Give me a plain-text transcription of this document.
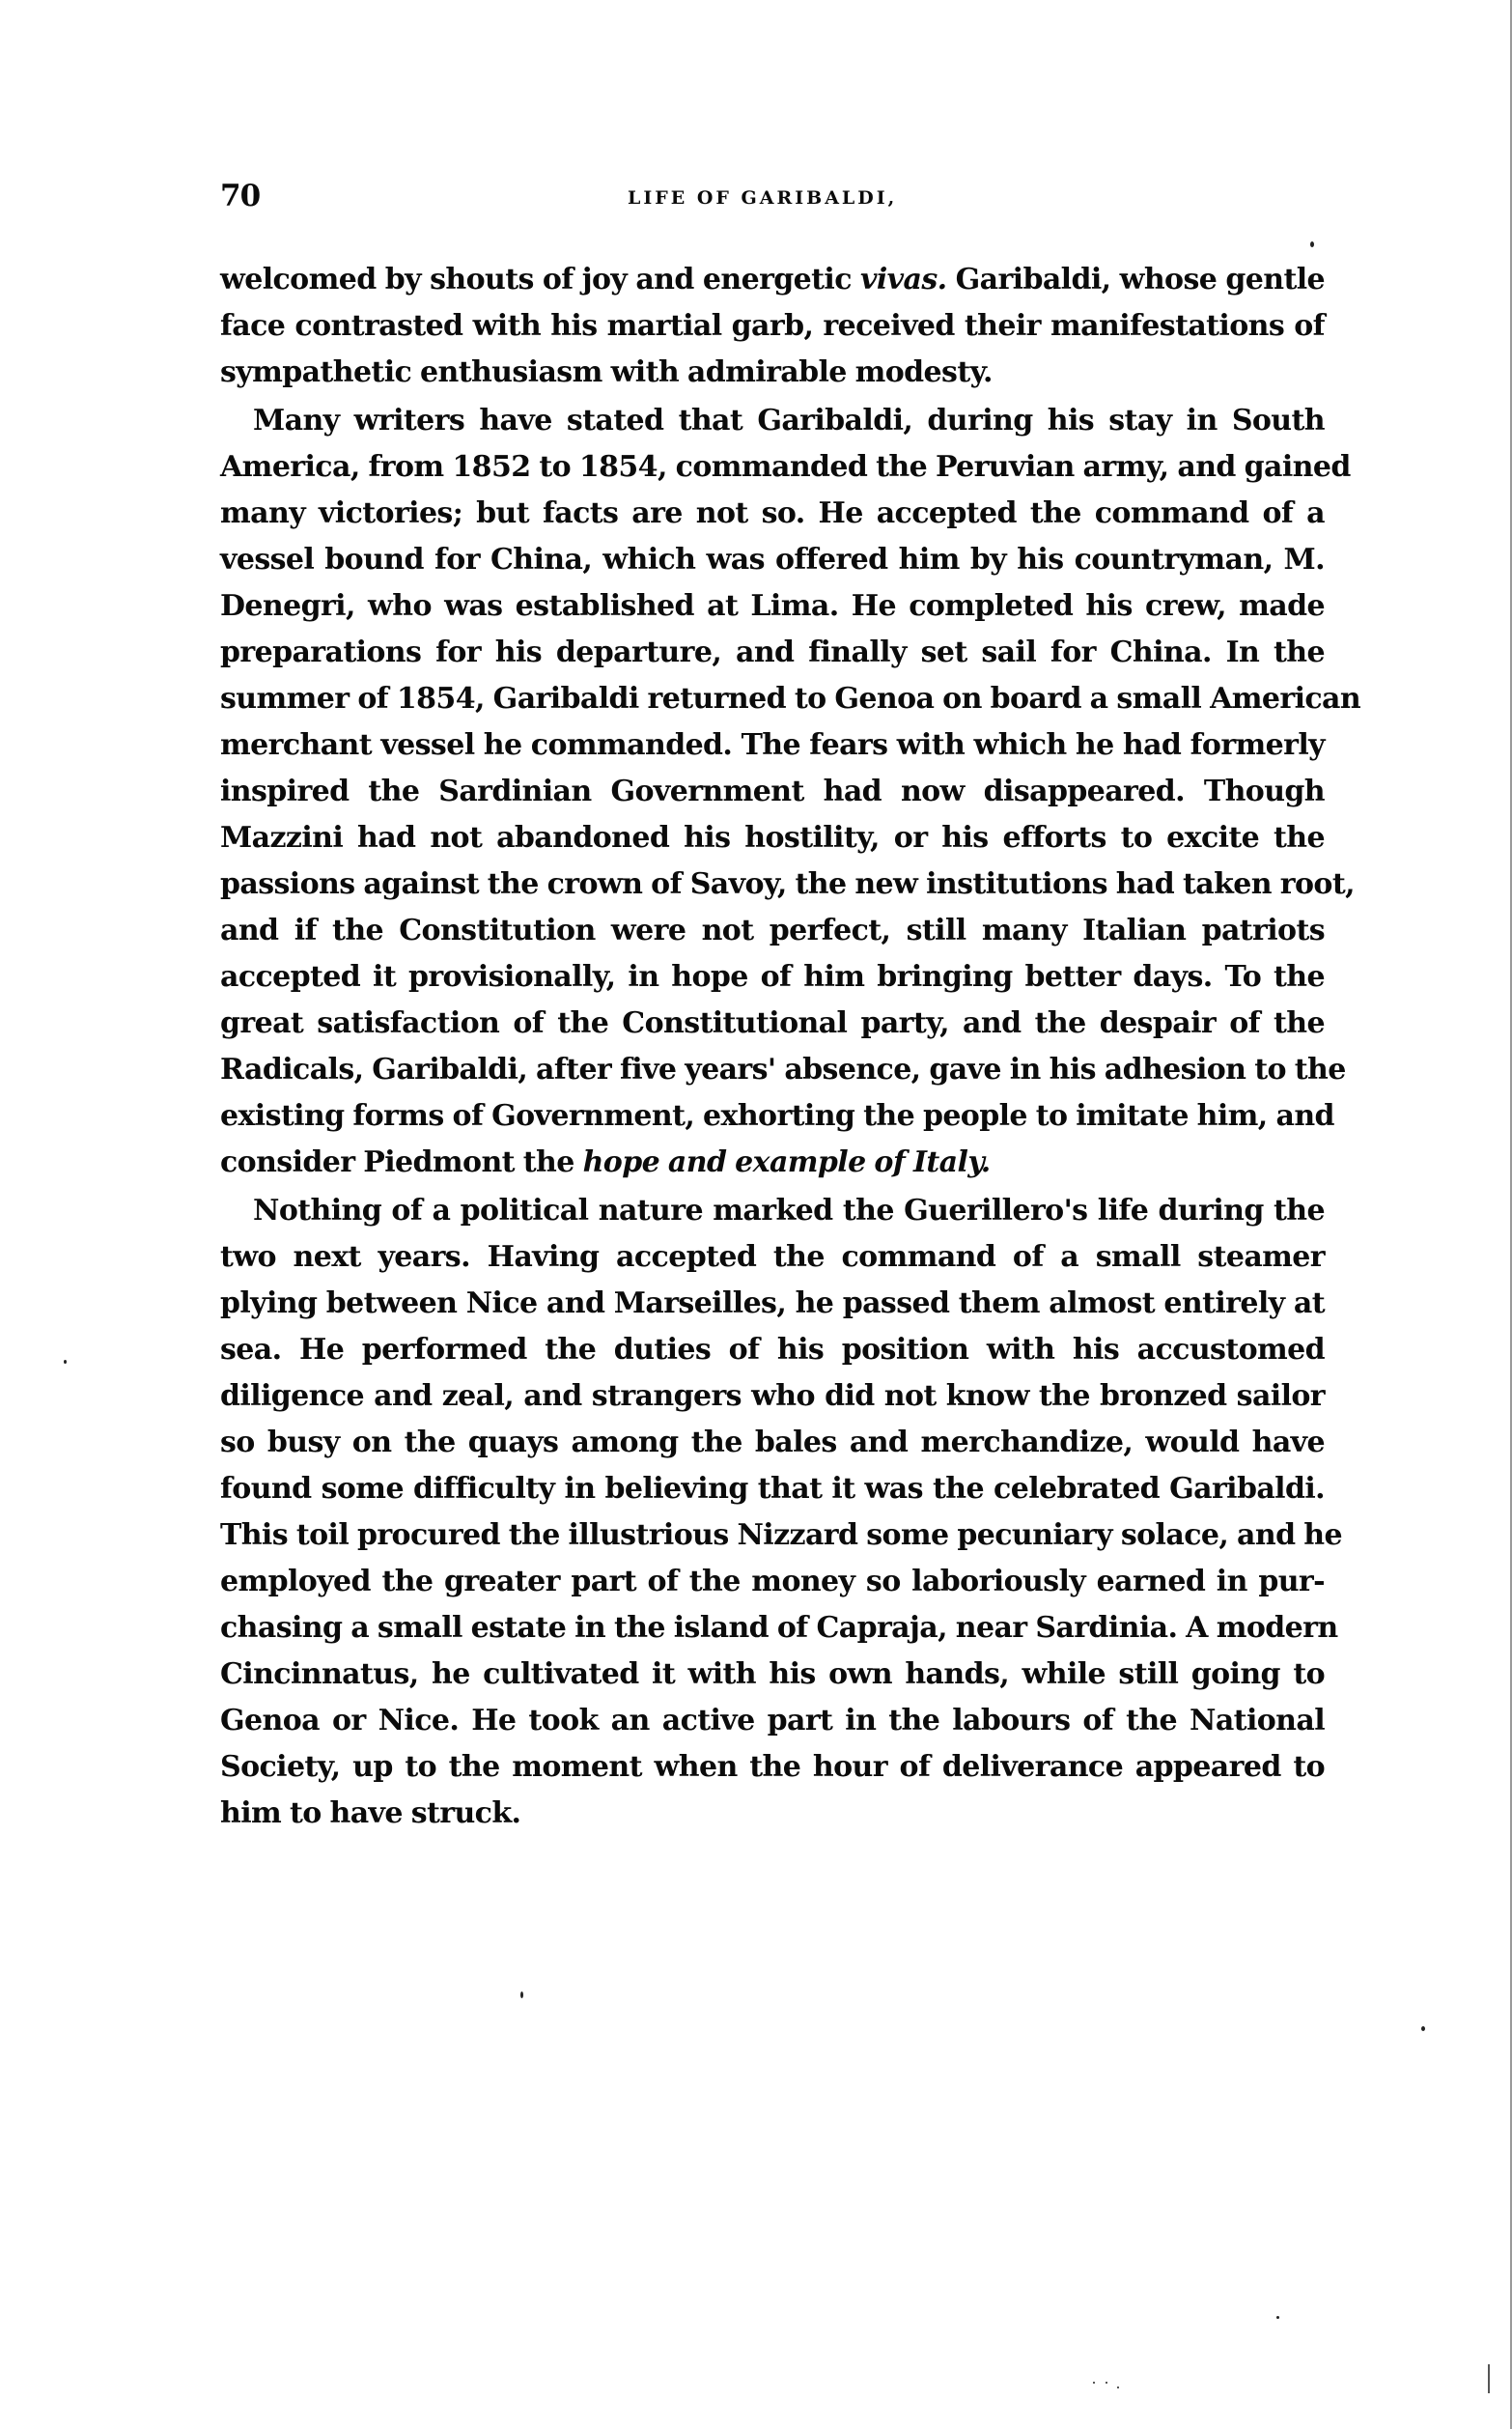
70	LIFE OF GARIBALDI,
welcomed by shouts of joy and energetic vivas. Garibaldi, whose gentle
face contrasted with his martial garb, received their manifestations of
sympathetic enthusiasm with admirable modesty.
Many writers have stated that Garibaldi, during his stay in South
America, from 1852 to 1854, commanded the Peruvian army, and gained
many victories; but facts are not so. He accepted the command of a
vessel bound for China, which was offered him by his countryman, M.
Denegri, who was established at Lima. He completed his crew, made
preparations for his departure, and finally set sail for China. In the
summer of 1854, Garibaldi returned to Genoa on board a small American
merchant vessel he commanded. The fears with which he had formerly
inspired the Sardinian Government had now disappeared. Though
Mazzini had not abandoned his hostility, or his efforts to excite the
passions against the crown of Savoy, the new institutions had taken root,
and if the Constitution were not perfect, still many Italian patriots
accepted it provisionally, in hope of him bringing better days. To the
great satisfaction of the Constitutional party, and the despair of the
Radicals, Garibaldi, after five years' absence, gave in his adhesion to the
existing forms of Government, exhorting the people to imitate him, and
consider Piedmont the hope and example of Italy.
Nothing of a political nature marked the Guerillero's life during the
two next years. Having accepted the command of a small steamer
plying between Nice and Marseilles, he passed them almost entirely at
sea. He performed the duties of his position with his accustomed
diligence and zeal, and strangers who did not know the bronzed sailor
so busy on the quays among the bales and merchandize, would have
found some difficulty in believing that it was the celebrated Garibaldi.
This toil procured the illustrious Nizzard some pecuniary solace, and he
employed the greater part of the money so laboriously earned in pur-
chasing a small estate in the island of Capraja, near Sardinia. A modern
Cincinnatus, he cultivated it with his own hands, while still going to
Genoa or Nice. He took an active part in the labours of the National
Society, up to the moment when the hour of deliverance appeared to
him to have struck.
